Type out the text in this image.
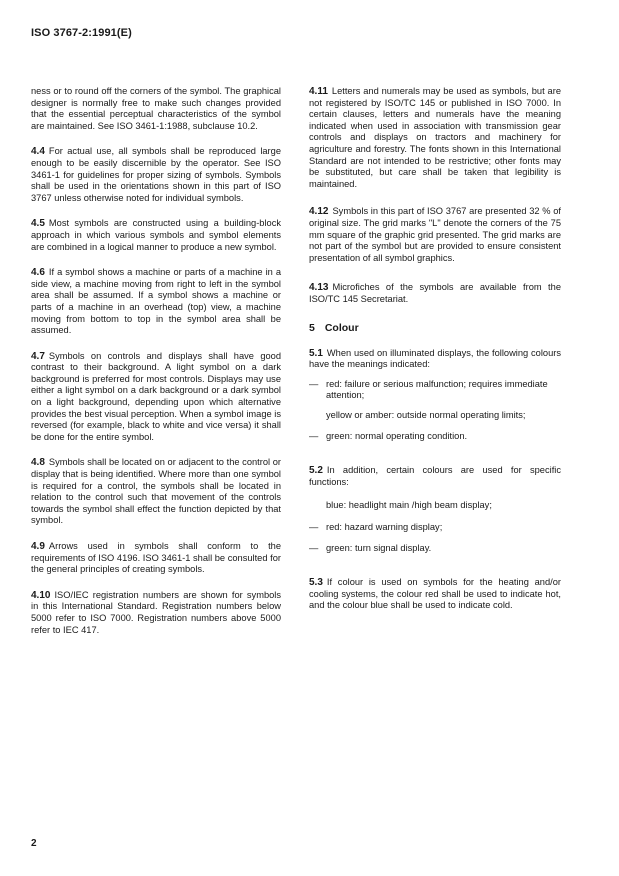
ISO 3767-2:1991(E)

ness or to round off the corners of the symbol. The graphical designer is normally free to make such changes provided that the essential perceptual characteristics of the symbol are maintained. See ISO 3461-1:1988, subclause 10.2.

4.4 For actual use, all symbols shall be reproduced large enough to be easily discernible by the operator. See ISO 3461-1 for guidelines for proper sizing of symbols. Symbols shall be used in the orientations shown in this part of ISO 3767 unless otherwise noted for individual symbols.

4.5 Most symbols are constructed using a building-block approach in which various symbols and symbol elements are combined in a logical manner to produce a new symbol.

4.6 If a symbol shows a machine or parts of a machine in a side view, a machine moving from right to left in the symbol area shall be assumed. If a symbol shows a machine or parts of a machine in an overhead (top) view, a machine moving from bottom to top in the symbol area shall be assumed.

4.7 Symbols on controls and displays shall have good contrast to their background. A light symbol on a dark background is preferred for most controls. Displays may use either a light symbol on a dark background or a dark symbol on a light background, depending upon which alternative provides the best visual perception. When a symbol image is reversed (for example, black to white and vice versa) it shall be done for the entire symbol.

4.8 Symbols shall be located on or adjacent to the control or display that is being identified. Where more than one symbol is required for a control, the symbols shall be located in relation to the control such that movement of the controls towards the symbol shall effect the function depicted by that symbol.

4.9 Arrows used in symbols shall conform to the requirements of ISO 4196. ISO 3461-1 shall be consulted for the general principles of creating symbols.

4.10 ISO/IEC registration numbers are shown for symbols in this International Standard. Registration numbers below 5000 refer to ISO 7000. Registration numbers above 5000 refer to IEC 417.

4.11 Letters and numerals may be used as symbols, but are not registered by ISO/TC 145 or published in ISO 7000. In certain clauses, letters and numerals have the meaning indicated when used in association with transmission gear controls and displays on tractors and machinery for agriculture and forestry. The fonts shown in this International Standard are not intended to be restrictive; other fonts may be substituted, but care shall be taken that legibility is maintained.

4.12 Symbols in this part of ISO 3767 are presented 32 % of original size. The grid marks "L" denote the corners of the 75 mm square of the graphic grid presented. The grid marks are not part of the symbol but are provided to ensure consistent presentation of all symbol graphics.

4.13 Microfiches of the symbols are available from the ISO/TC 145 Secretariat.

5 Colour

5.1 When used on illuminated displays, the following colours have the meanings indicated:

— red: failure or serious malfunction; requires immediate attention;
yellow or amber: outside normal operating limits;
— green: normal operating condition.

5.2 In addition, certain colours are used for specific functions:

blue: headlight main /high beam display;
— red: hazard warning display;
— green: turn signal display.

5.3 If colour is used on symbols for the heating and/or cooling systems, the colour red shall be used to indicate hot, and the colour blue shall be used to indicate cold.

2
